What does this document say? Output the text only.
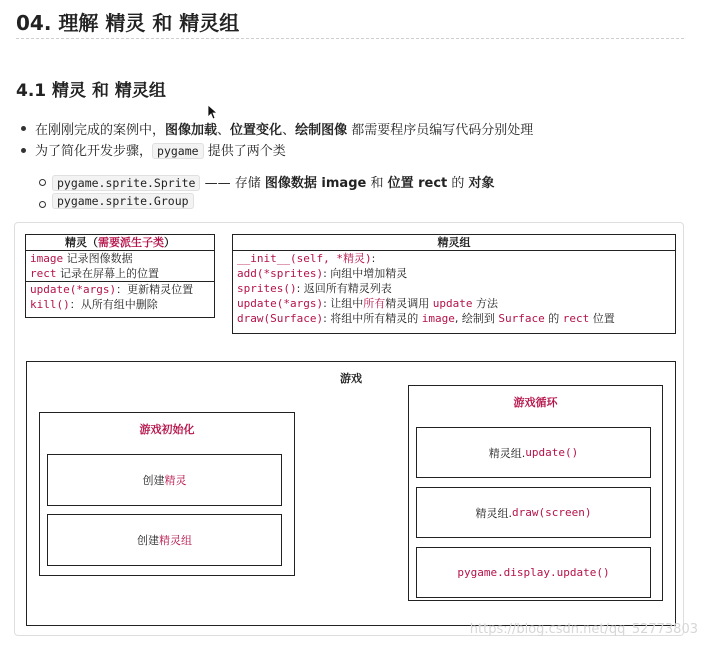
04. 理解 精灵 和 精灵组
4.1 精灵 和 精灵组
在刚刚完成的案例中，图像加载、位置变化、绘制图像 都需要程序员编写代码分别处理
为了简化开发步骤， pygame 提供了两个类
pygame.sprite.Sprite —— 存储 图像数据 image 和 位置 rect 的 对象
pygame.sprite.Group
精灵（需要派生子类）
image 记录图像数据
rect 记录在屏幕上的位置
update(*args)：更新精灵位置
kill()：从所有组中删除
精灵组
__init__(self, *精灵):
add(*sprites): 向组中增加精灵
sprites(): 返回所有精灵列表
update(*args): 让组中所有精灵调用 update 方法
draw(Surface): 将组中所有精灵的 image, 绘制到 Surface 的 rect 位置
游戏
游戏初始化
创建 精灵
创建 精灵组
游戏循环
精灵组. update()
精灵组. draw(screen)
pygame.display.update()
https://blog.csdn.net/qq_52773803
